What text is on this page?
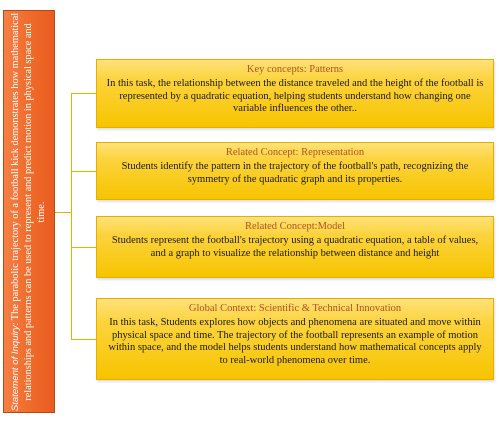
Statement of Inquiry: The parabolic trajectory of a football kick demonstrates how mathematical relationships and patterns can be used to represent and predict motion in physical space and time.
Key concepts: Patterns
In this task, the relationship between the distance traveled and the height of the football is represented by a quadratic equation, helping students understand how changing one variable influences the other..
Related Concept: Representation
Students identify the pattern in the trajectory of the football's path, recognizing the symmetry of the quadratic graph and its properties.
Related Concept:Model
Students represent the football's trajectory using a quadratic equation, a table of values, and a graph to visualize the relationship between distance and height
Global Context: Scientific & Technical Innovation
In this task, Students explores how objects and phenomena are situated and move within physical space and time. The trajectory of the football represents an example of motion within space, and the model helps students understand how mathematical concepts apply to real-world phenomena over time.
